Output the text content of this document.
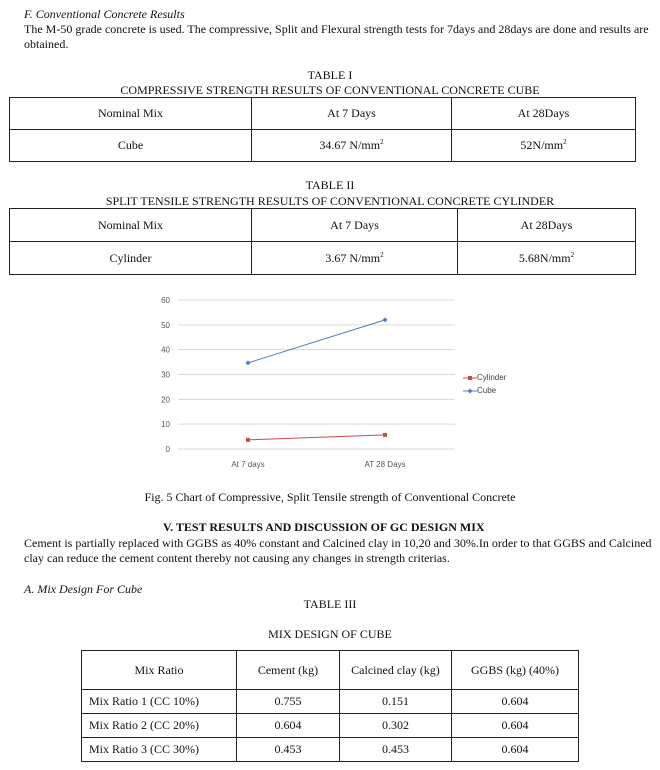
F. Conventional Concrete Results
The M-50 grade concrete is used. The compressive, Split and Flexural strength tests for 7days and 28days are done and results are
obtained.
TABLE I
COMPRESSIVE STRENGTH RESULTS OF CONVENTIONAL CONCRETE CUBE
Nominal Mix	At 7 Days	At 28Days
Cube	34.67 $N/mm^2$	$52N/mm^2$
TABLE II
SPLIT TENSILE STRENGTH RESULTS OF CONVENTIONAL CONCRETE CYLINDER
Nominal Mix	At 7 Days	At 28Days
Cylinder	3.67 $N/mm^2$	$5.68N/mm^2$
0
10
20
30
40
50
60
At 7 days	AT 28 Days
Cylinder
Cube
Fig. 5 Chart of Compressive, Split Tensile strength of Conventional Concrete
V. TEST RESULTS AND DISCUSSION OF GC DESIGN MIX
Cement is partially replaced with GGBS as 40% constant and Calcined clay in 10,20 and 30%.In order to that GGBS and Calcined
clay can reduce the cement content thereby not causing any changes in strength criterias.
A. Mix Design For Cube
TABLE III
MIX DESIGN OF CUBE
Mix Ratio	Cement (kg)	Calcined clay (kg)	GGBS (kg) (40%)
Mix Ratio 1 (CC 10%)	0.755	0.151	0.604
Mix Ratio 2 (CC 20%)	0.604	0.302	0.604
Mix Ratio 3 (CC 30%)	0.453	0.453	0.604
